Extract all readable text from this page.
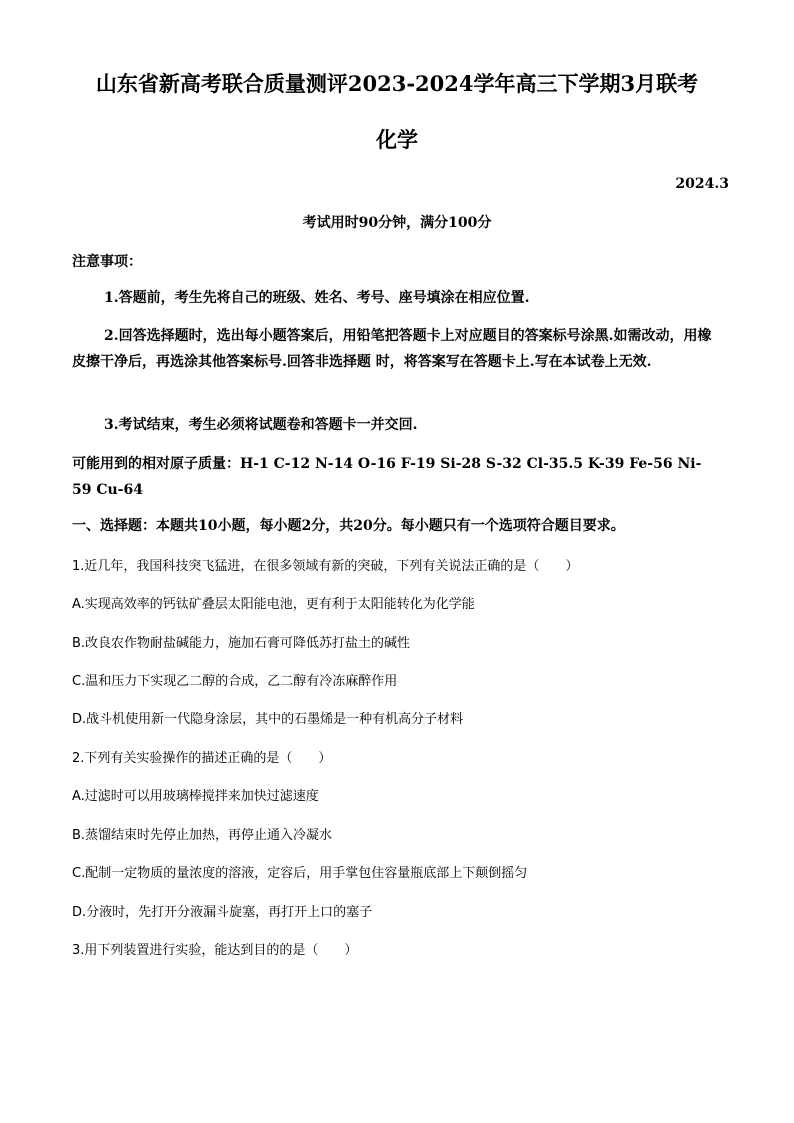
山东省新高考联合质量测评2023-2024学年高三下学期3月联考
化学
2024.3
考试用时90分钟，满分100分
注意事项：
1.答题前，考生先将自己的班级、姓名、考号、座号填涂在相应位置.
2.回答选择题时，选出每小题答案后，用铅笔把答题卡上对应题目的答案标号涂黑.如需改动，用橡皮擦干净后，再选涂其他答案标号.回答非选择题 时，将答案写在答题卡上.写在本试卷上无效.
3.考试结束，考生必须将试题卷和答题卡一并交回.
可能用到的相对原子质量：H-1 C-12 N-14 O-16 F-19 Si-28 S-32 Cl-35.5 K-39 Fe-56 Ni-59 Cu-64
一、选择题：本题共10小题，每小题2分，共20分。每小题只有一个选项符合题目要求。
1.近几年，我国科技突飞猛进，在很多领域有新的突破，下列有关说法正确的是（　　）
A.实现高效率的钙钛矿叠层太阳能电池，更有利于太阳能转化为化学能
B.改良农作物耐盐碱能力，施加石膏可降低苏打盐土的碱性
C.温和压力下实现乙二醇的合成，乙二醇有冷冻麻醉作用
D.战斗机使用新一代隐身涂层，其中的石墨烯是一种有机高分子材料
2.下列有关实验操作的描述正确的是（　　）
A.过滤时可以用玻璃棒搅拌来加快过滤速度
B.蒸馏结束时先停止加热，再停止通入冷凝水
C.配制一定物质的量浓度的溶液，定容后，用手掌包住容量瓶底部上下颠倒摇匀
D.分液时，先打开分液漏斗旋塞，再打开上口的塞子
3.用下列装置进行实验，能达到目的的是（　　）
